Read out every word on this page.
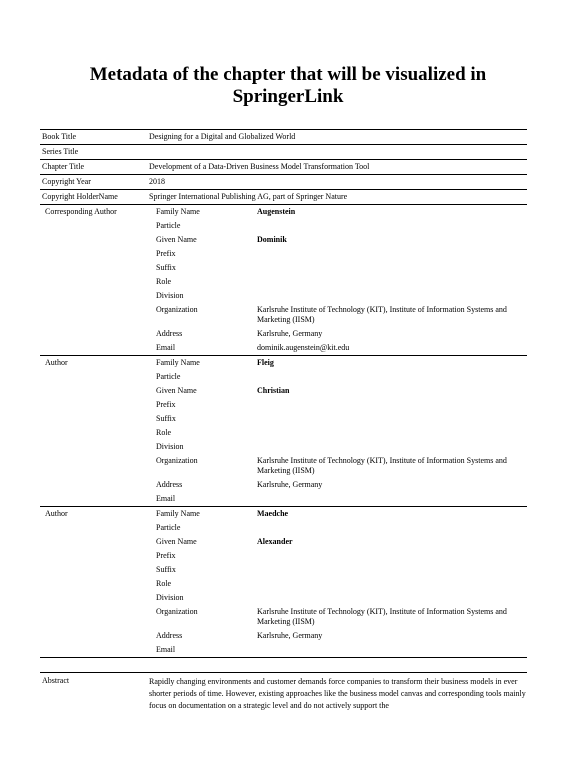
Metadata of the chapter that will be visualized in SpringerLink
Book Title	Designing for a Digital and Globalized World
Series Title	
Chapter Title	Development of a Data-Driven Business Model Transformation Tool
Copyright Year	2018
Copyright HolderName	Springer International Publishing AG, part of Springer Nature
Corresponding Author	Family Name	Augenstein
	Particle	
	Given Name	Dominik
	Prefix	
	Suffix	
	Role	
	Division	
	Organization	Karlsruhe Institute of Technology (KIT), Institute of Information Systems and Marketing (IISM)
	Address	Karlsruhe, Germany
	Email	dominik.augenstein@kit.edu
Author	Family Name	Fleig
	Particle	
	Given Name	Christian
	Prefix	
	Suffix	
	Role	
	Division	
	Organization	Karlsruhe Institute of Technology (KIT), Institute of Information Systems and Marketing (IISM)
	Address	Karlsruhe, Germany
	Email	
Author	Family Name	Maedche
	Particle	
	Given Name	Alexander
	Prefix	
	Suffix	
	Role	
	Division	
	Organization	Karlsruhe Institute of Technology (KIT), Institute of Information Systems and Marketing (IISM)
	Address	Karlsruhe, Germany
	Email	
Abstract	Rapidly changing environments and customer demands force companies to transform their business models in ever shorter periods of time. However, existing approaches like the business model canvas and corresponding tools mainly focus on documentation on a strategic level and do not actively support the
